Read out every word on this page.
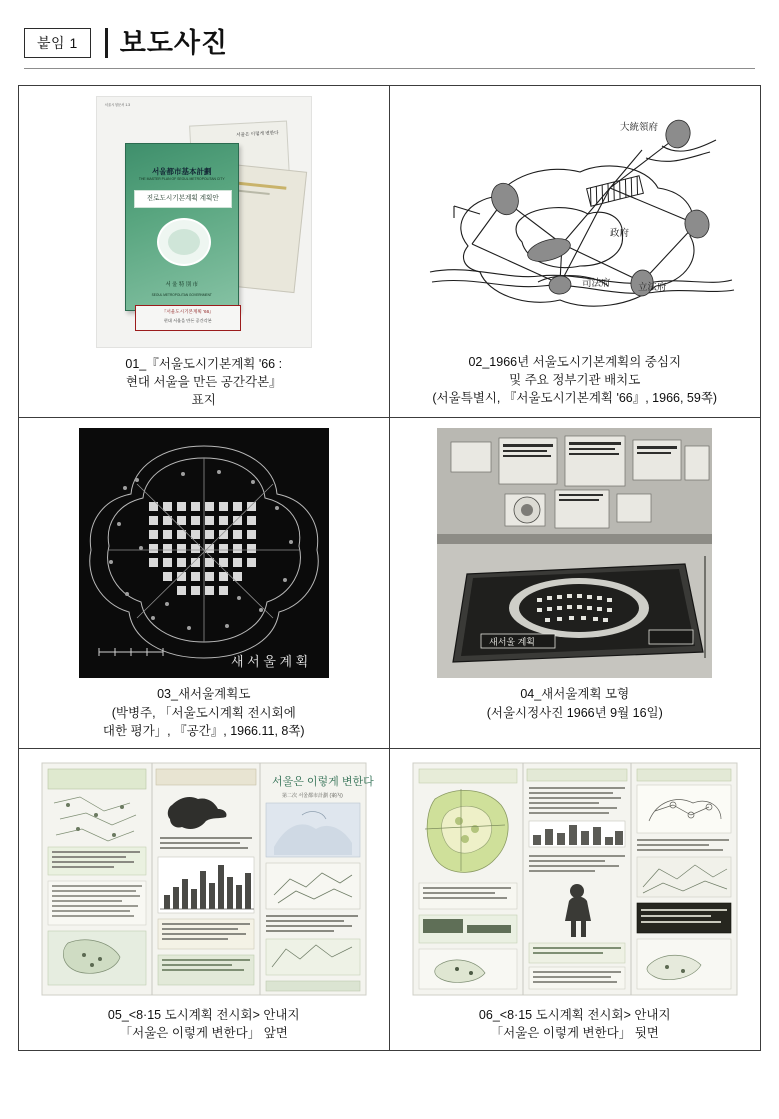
붙임 1	보도사진
서울시청문서 1.3
서울은 이렇게 변한다
서울都市基本計劃
THE MASTER PLAN OF SEOUL METROPOLITAN CITY
진로도시기본계획 계획안
서 울 特 別 市
SEOUL METROPOLITAN GOVERNMENT
『서울도시기본계획 '66』
현대 서울을 만든 공간각본
01_『서울도시기본계획 '66 :
현대 서울을 만든 공간각본』
표지
大統領府
政府
司法府	立法府
02_1966년 서울도시기본계획의 중심지
및 주요 정부기관 배치도
(서울특별시, 『서울도시기본계획 '66』, 1966, 59쪽)
새 서 울 계 획
03_새서울계획도
(박병주, 「서울도시계획 전시회에
대한 평가」, 『공간』, 1966.11, 8쪽)
새서울 계획
04_새서울계획 모형
(서울시정사진 1966년 9월 16일)
서울은 이렇게 변한다
第二次 서울都市計劃 (案內)
05_<8·15 도시계획 전시회> 안내지
「서울은 이렇게 변한다」 앞면
06_<8·15 도시계획 전시회> 안내지
「서울은 이렇게 변한다」 뒷면
